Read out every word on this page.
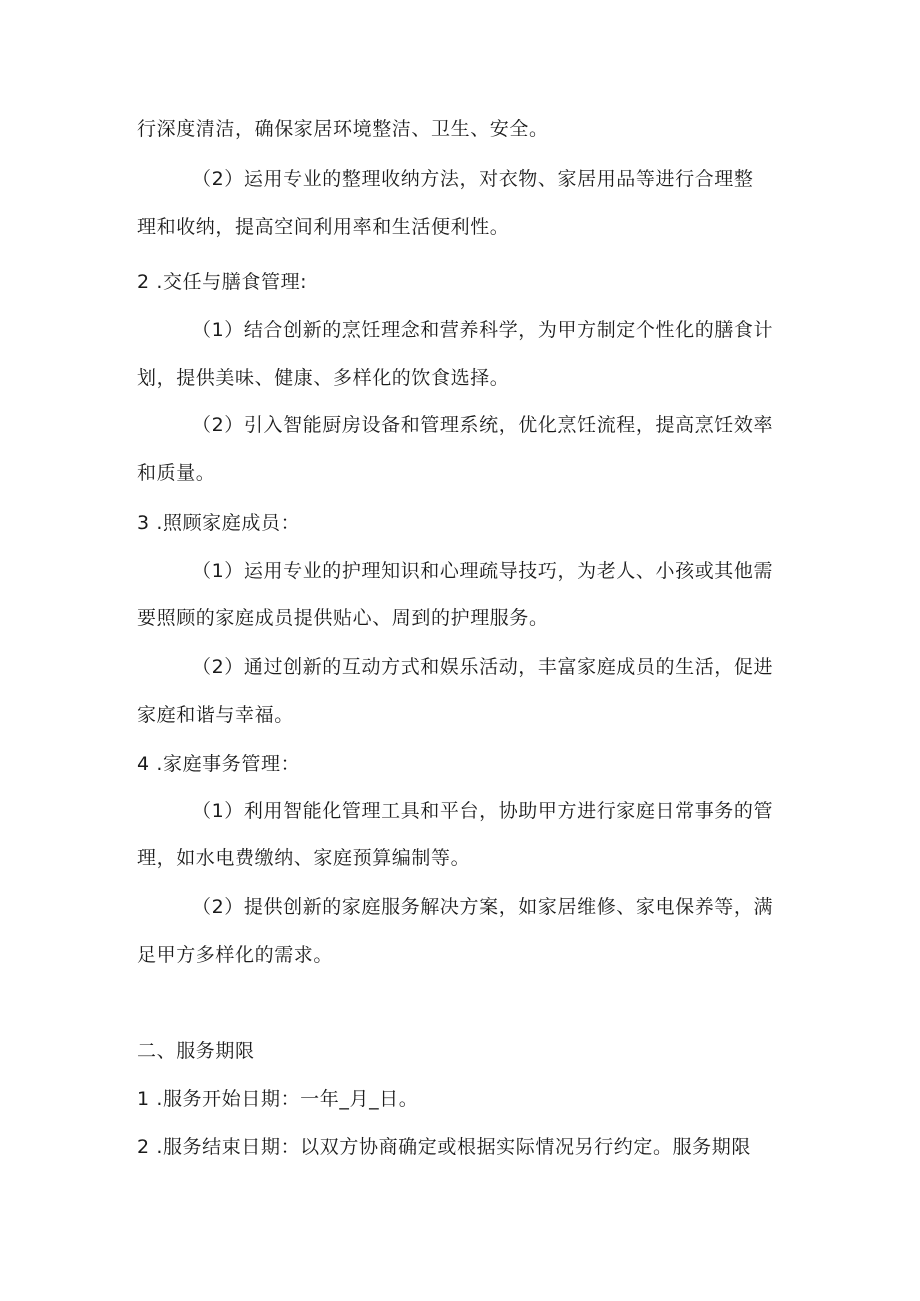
行深度清洁，确保家居环境整洁、卫生、安全。
（2）运用专业的整理收纳方法，对衣物、家居用品等进行合理整
理和收纳，提高空间利用率和生活便利性。
2 .交任与膳食管理:
（1）结合创新的烹饪理念和营养科学，为甲方制定个性化的膳食计
划，提供美味、健康、多样化的饮食选择。
（2）引入智能厨房设备和管理系统，优化烹饪流程，提高烹饪效率
和质量。
3 .照顾家庭成员：
（1）运用专业的护理知识和心理疏导技巧，为老人、小孩或其他需
要照顾的家庭成员提供贴心、周到的护理服务。
（2）通过创新的互动方式和娱乐活动，丰富家庭成员的生活，促进
家庭和谐与幸福。
4 .家庭事务管理：
（1）利用智能化管理工具和平台，协助甲方进行家庭日常事务的管
理，如水电费缴纳、家庭预算编制等。
（2）提供创新的家庭服务解决方案，如家居维修、家电保养等，满
足甲方多样化的需求。
二、服务期限
1 .服务开始日期：一年_月_日。
2 .服务结束日期：以双方协商确定或根据实际情况另行约定。服务期限
